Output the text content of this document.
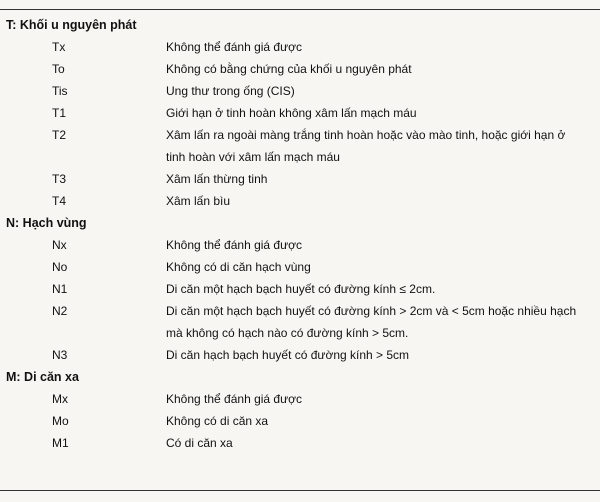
T: Khối u nguyên phát
Tx	Không thể đánh giá được
To	Không có bằng chứng của khối u nguyên phát
Tis	Ung thư trong ống (CIS)
T1	Giới hạn ở tinh hoàn không xâm lấn mạch máu
T2	Xâm lấn ra ngoài màng trắng tinh hoàn hoặc vào mào tinh, hoặc giới hạn ở tinh hoàn với xâm lấn mạch máu
T3	Xâm lấn thừng tinh
T4	Xâm lấn bìu
N: Hạch vùng
Nx	Không thể đánh giá được
No	Không có di căn hạch vùng
N1	Di căn một hạch bạch huyết có đường kính ≤ 2cm.
N2	Di căn một hạch bạch huyết có đường kính > 2cm và < 5cm hoặc nhiều hạch mà không có hạch nào có đường kính > 5cm.
N3	Di căn hạch bạch huyết có đường kính > 5cm
M: Di căn xa
Mx	Không thể đánh giá được
Mo	Không có di căn xa
M1	Có di căn xa
